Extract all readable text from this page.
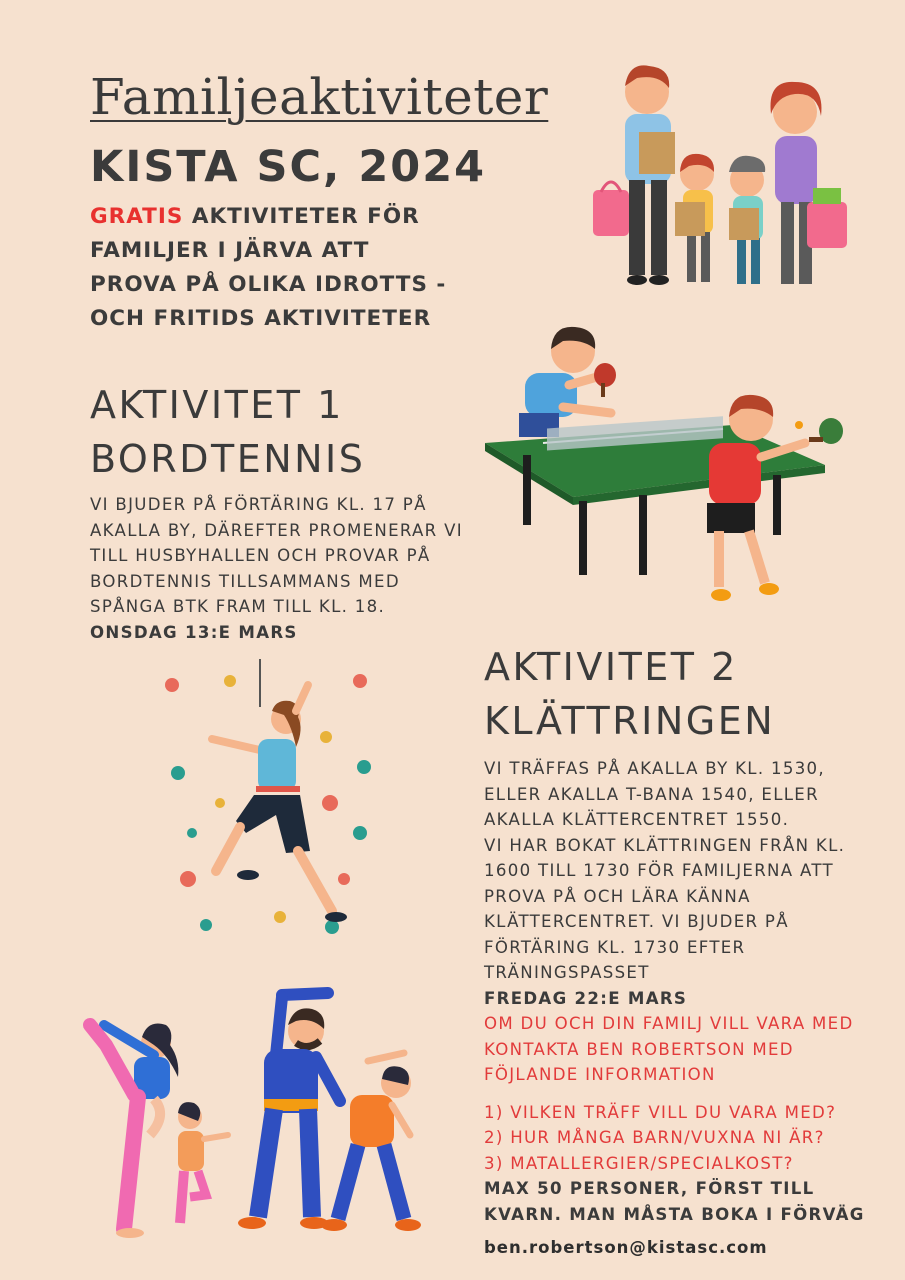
Familjeaktiviteter
KISTA SC, 2024
GRATIS AKTIVITETER FÖR
FAMILJER I JÄRVA ATT
PROVA PÅ OLIKA IDROTTS -
OCH FRITIDS AKTIVITETER
AKTIVITET 1
BORDTENNIS
VI BJUDER PÅ FÖRTÄRING KL. 17 PÅ
AKALLA BY, DÄREFTER PROMENERAR VI
TILL HUSBYHALLEN OCH PROVAR PÅ
BORDTENNIS TILLSAMMANS MED
SPÅNGA BTK FRAM TILL KL. 18.
ONSDAG 13:E MARS
AKTIVITET 2
KLÄTTRINGEN
VI TRÄFFAS PÅ AKALLA BY KL. 1530,
ELLER AKALLA T-BANA 1540, ELLER
AKALLA KLÄTTERCENTRET 1550.
VI HAR BOKAT KLÄTTRINGEN FRÅN KL.
1600 TILL 1730 FÖR FAMILJERNA ATT
PROVA PÅ OCH LÄRA KÄNNA
KLÄTTERCENTRET. VI BJUDER PÅ
FÖRTÄRING KL. 1730 EFTER
TRÄNINGSPASSET
FREDAG 22:E MARS
OM DU OCH DIN FAMILJ VILL VARA MED
KONTAKTA BEN ROBERTSON MED
FÖJLANDE INFORMATION
1) VILKEN TRÄFF VILL DU VARA MED?
2) HUR MÅNGA BARN/VUXNA NI ÄR?
3) MATALLERGIER/SPECIALKOST?
MAX 50 PERSONER, FÖRST TILL
KVARN. MAN MÅSTA BOKA I FÖRVÄG
ben.robertson@kistasc.com
